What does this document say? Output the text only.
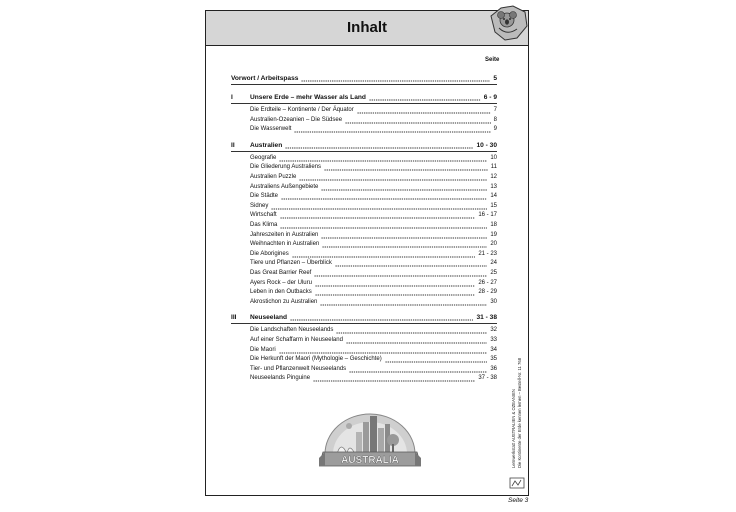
Inhalt
Seite
Vorwort / Arbeitspass	5
I	Unsere Erde – mehr Wasser als Land	6 - 9
Die Erdteile – Kontinente / Der Äquator	7
Australien-Ozeanien – Die Südsee	8
Die Wasserwelt	9
II Australien	10 - 30
Geografie	10
Die Gliederung Australiens	11
Australien Puzzle	12
Australiens Außengebiete	13
Die Städte	14
Sidney	15
Wirtschaft	16 - 17
Das Klima	18
Jahreszeiten in Australien	19
Weihnachten in Australien	20
Die Aborigines	21 - 23
Tiere und Pflanzen – Überblick	24
Das Great Barrier Reef	25
Ayers Rock – der Uluru	26 - 27
Leben in den Outbacks	28 - 29
Akrostichon zu Australien	30
III Neuseeland	31 - 38
Die Landschaften Neuseelands	32
Auf einer Schaffarm in Neuseeland	33
Die Maori	34
Die Herkunft der Maori (Mythologie – Geschichte)	35
Tier- und Pflanzenwelt Neuseelands	36
Neuseelands Pinguine	37 - 38
AUSTRALIA	Lernwerkstatt AUSTRALIEN & OZEANIEN Die Kontinente der Erde kennen lernen – Bestell-Nr. 11 768
Seite 3
